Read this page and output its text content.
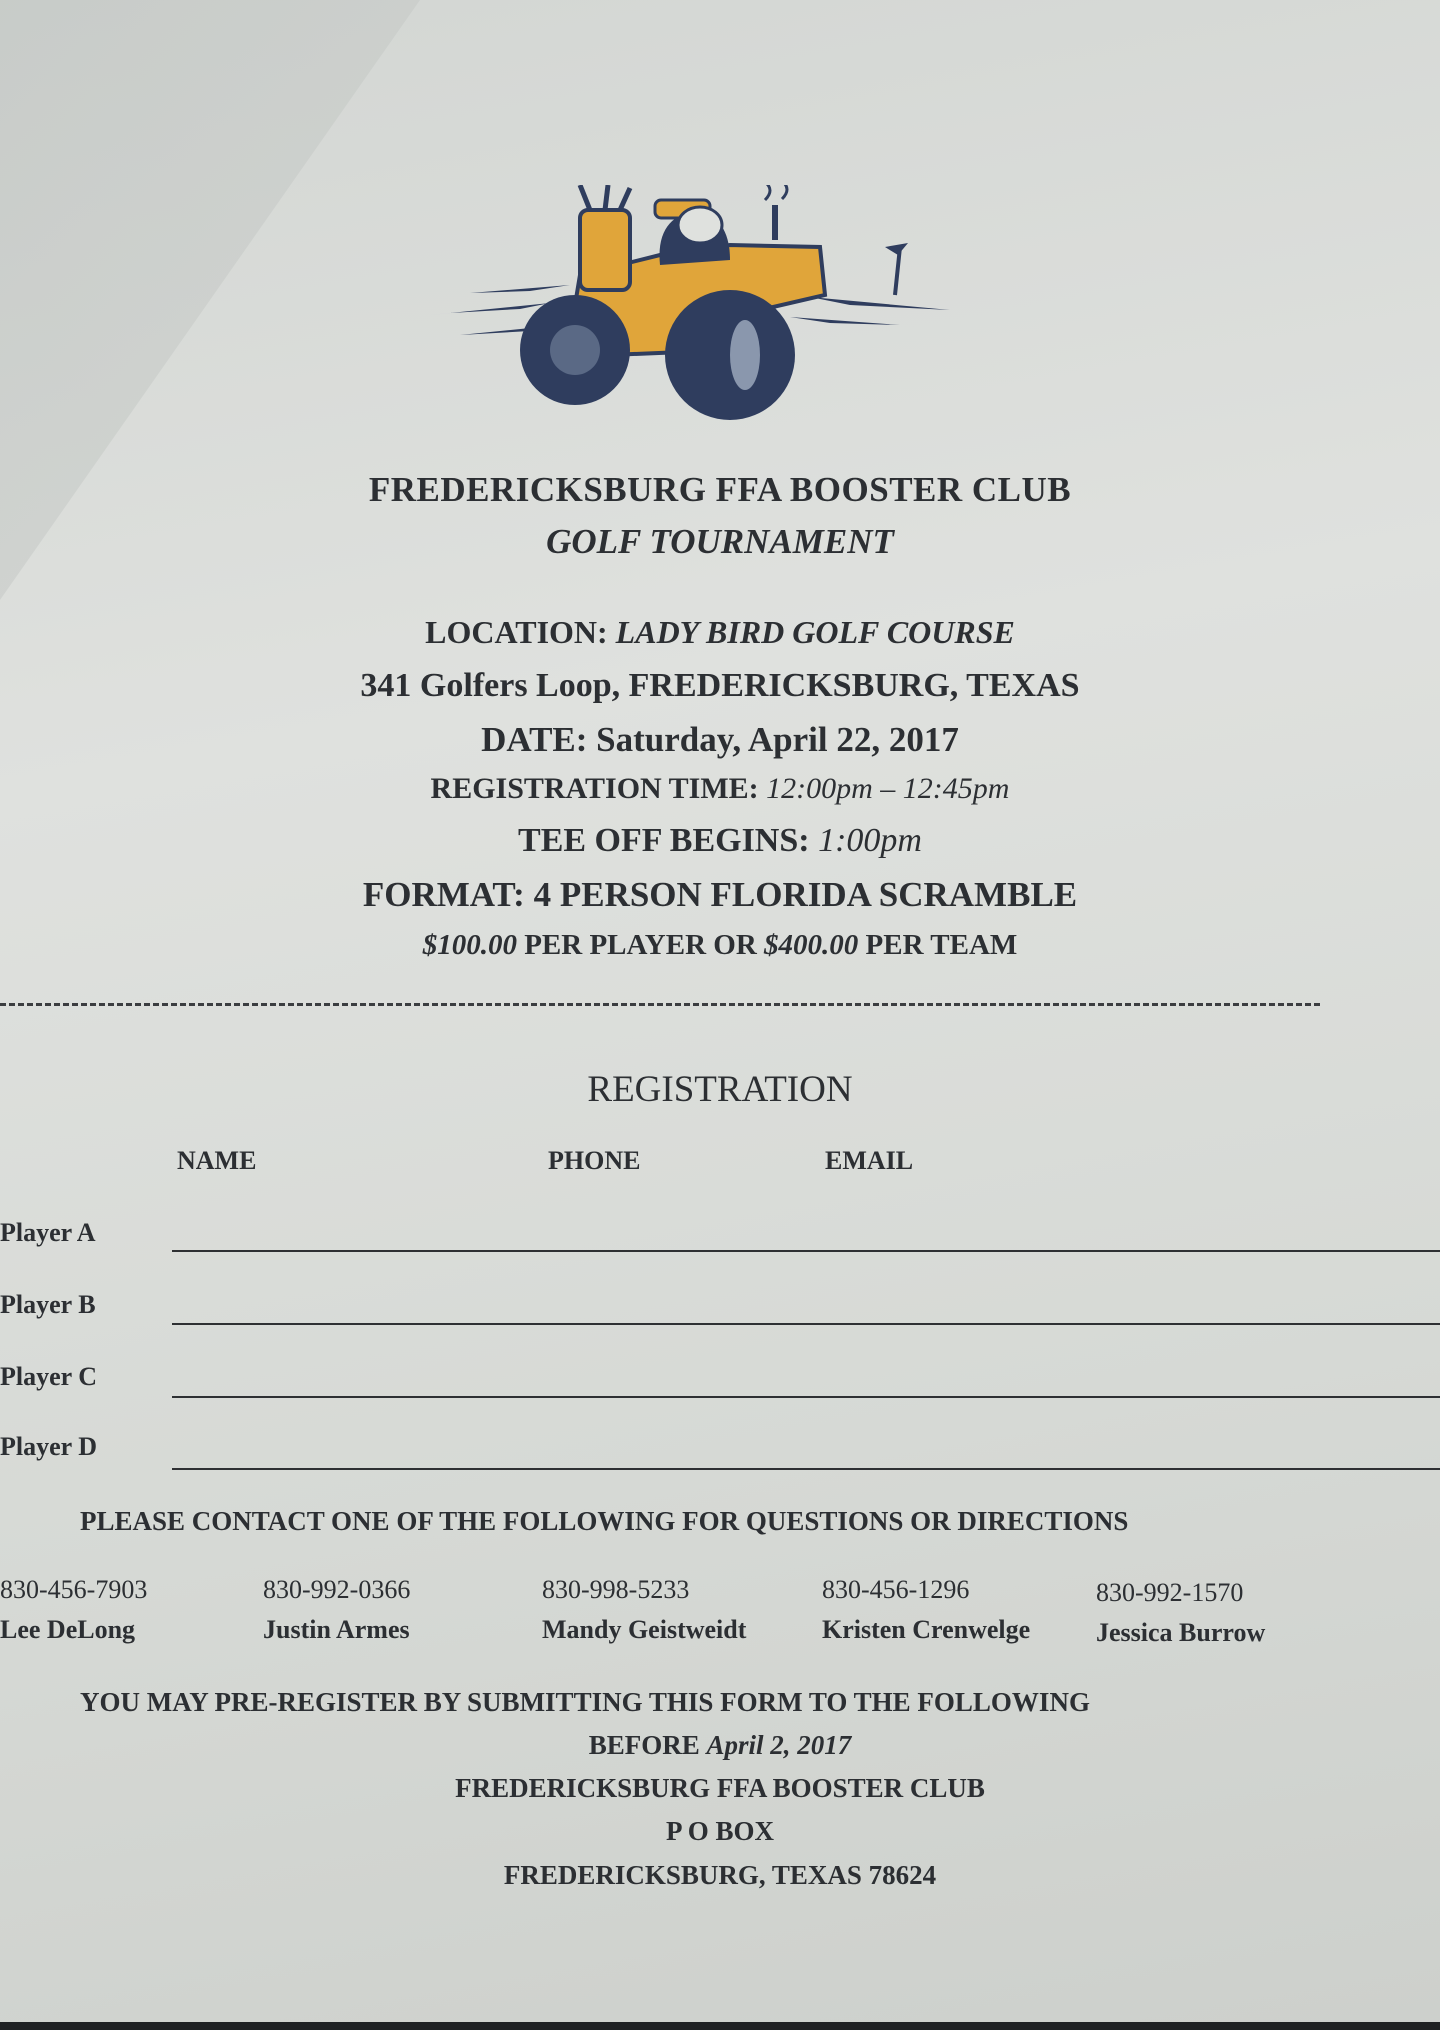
FREDERICKSBURG FFA BOOSTER CLUB
GOLF TOURNAMENT
LOCATION: LADY BIRD GOLF COURSE
341 Golfers Loop, FREDERICKSBURG, TEXAS
DATE: Saturday, April 22, 2017
REGISTRATION TIME: 12:00pm – 12:45pm
TEE OFF BEGINS: 1:00pm
FORMAT: 4 PERSON FLORIDA SCRAMBLE
$100.00 PER PLAYER OR $400.00 PER TEAM
REGISTRATION
NAME	PHONE	EMAIL
Player A
Player B
Player C
Player D
PLEASE CONTACT ONE OF THE FOLLOWING FOR QUESTIONS OR DIRECTIONS
830-456-7903
Lee DeLong
830-992-0366
Justin Armes
830-998-5233
Mandy Geistweidt
830-456-1296
Kristen Crenwelge
830-992-1570
Jessica Burrow
YOU MAY PRE-REGISTER BY SUBMITTING THIS FORM TO THE FOLLOWING
BEFORE April 2, 2017
FREDERICKSBURG FFA BOOSTER CLUB
P O BOX
FREDERICKSBURG, TEXAS 78624
